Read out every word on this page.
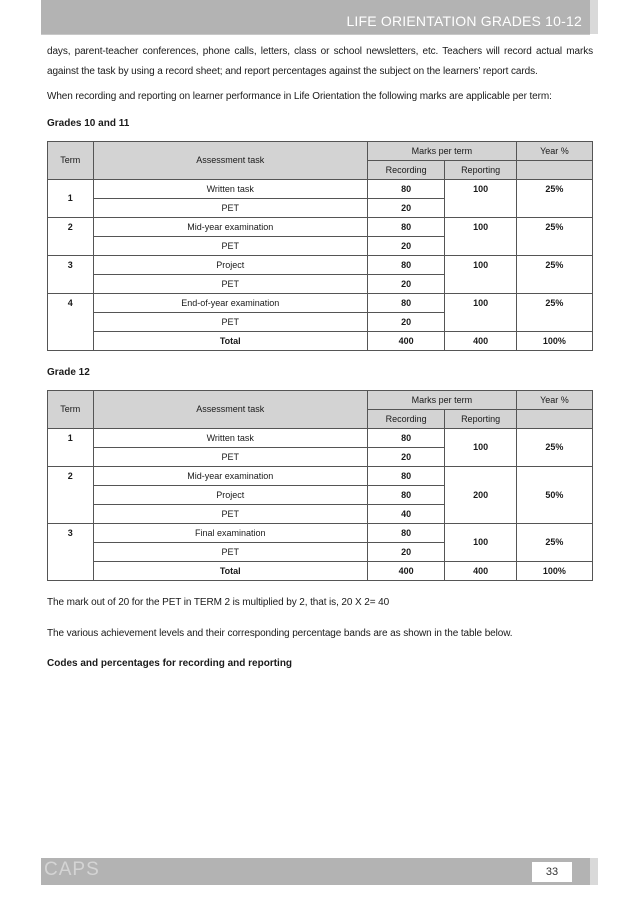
LIFE ORIENTATION GRADES 10-12

days, parent-teacher conferences, phone calls, letters, class or school newsletters, etc. Teachers will record actual marks against the task by using a record sheet; and report percentages against the subject on the learners’ report cards.

When recording and reporting on learner performance in Life Orientation the following marks are applicable per term:

Grades 10 and 11
Term	Assessment task	Marks per term		Year %
		Recording	Reporting	
1	Written task	80	100	25%
	PET	20		
2	Mid-year examination	80	100	25%
	PET	20		
3	Project	80	100	25%
	PET	20		
4	End-of-year examination	80	100	25%
	PET	20		
	Total	400	400	100%
Grade 12
Term	Assessment task	Marks per term		Year %
		Recording	Reporting	
1	Written task	80	100	25%
	PET	20		
2	Mid-year examination	80	200	50%
	Project	80		
	PET	40		
3	Final examination	80	100	25%
	PET	20		
	Total	400	400	100%

The mark out of 20 for the PET in TERM 2 is multiplied by 2, that is, 20 X 2= 40

The various achievement levels and their corresponding percentage bands are as shown in the table below.

Codes and percentages for recording and reporting
CAPS	33
